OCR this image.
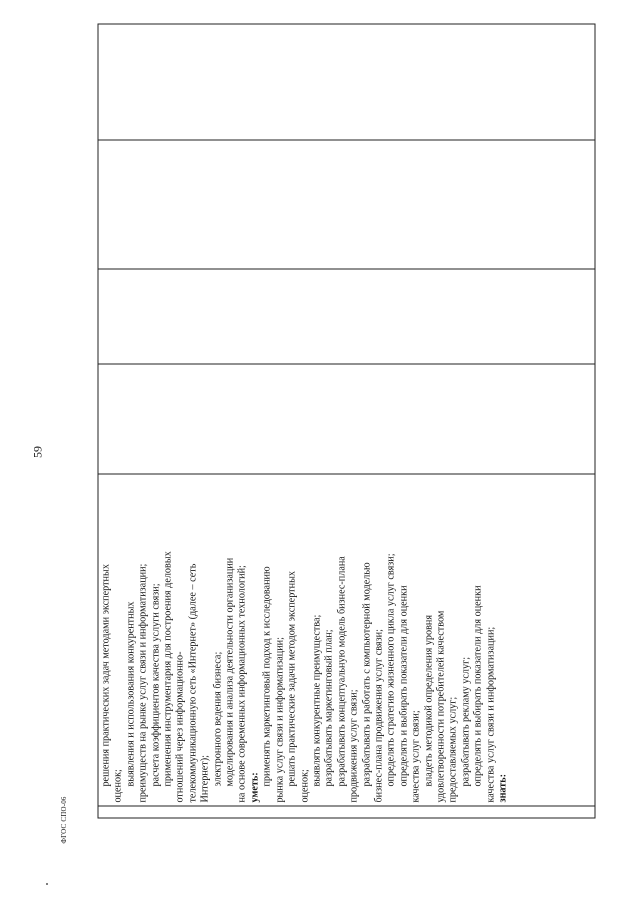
59
решения практических задач методами экспертных оценок; выявления и использования конкурентных преимуществ на рынке услуг связи и информатизации; расчета коэффициентов качества услуги связи; применения инструментария для построения деловых отношений через информационно- телекоммуникационную сеть «Интернет» (далее – сеть Интернет); электронного ведения бизнеса; моделирования и анализа деятельности организации на основе современных информационных технологий; уметь:
применять маркетинговый подход к исследованию рынка услуг связи и информатизации; решать практические задачи методом экспертных оценок; выявлять конкурентные преимущества; разрабатывать маркетинговый план; разрабатывать концептуальную модель бизнес-плана продвижения услуг связи; разрабатывать и работать с компьютерной моделью бизнес-плана продвижения услуг связи; определять стратегию жизненного цикла услуг связи; определять и выбирать показатели для оценки качества услуг связи; владеть методикой определения уровня удовлетворенности потребителей качеством предоставляемых услуг; разрабатывать рекламу услуг; определять и выбирать показатели для оценки качества услуг связи и информатизации; знать:
ФГОС СПО-06
